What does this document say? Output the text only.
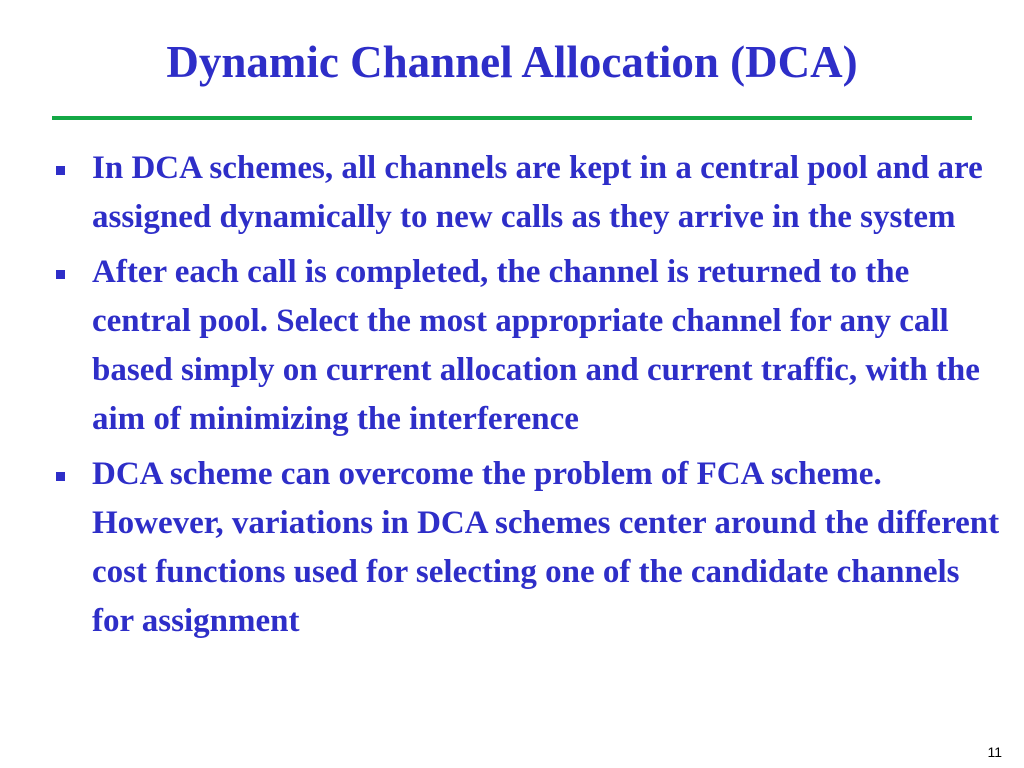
Dynamic Channel Allocation (DCA)
In DCA schemes, all channels are kept in a central pool and are assigned dynamically to new calls as they arrive in the system
After each call is completed, the channel is returned to the central pool. Select the most appropriate channel for any call based simply on current allocation and current traffic, with the aim of minimizing the interference
DCA scheme can overcome the problem of FCA scheme. However, variations in DCA schemes center around the different cost functions used for selecting one of the candidate channels for assignment
11
